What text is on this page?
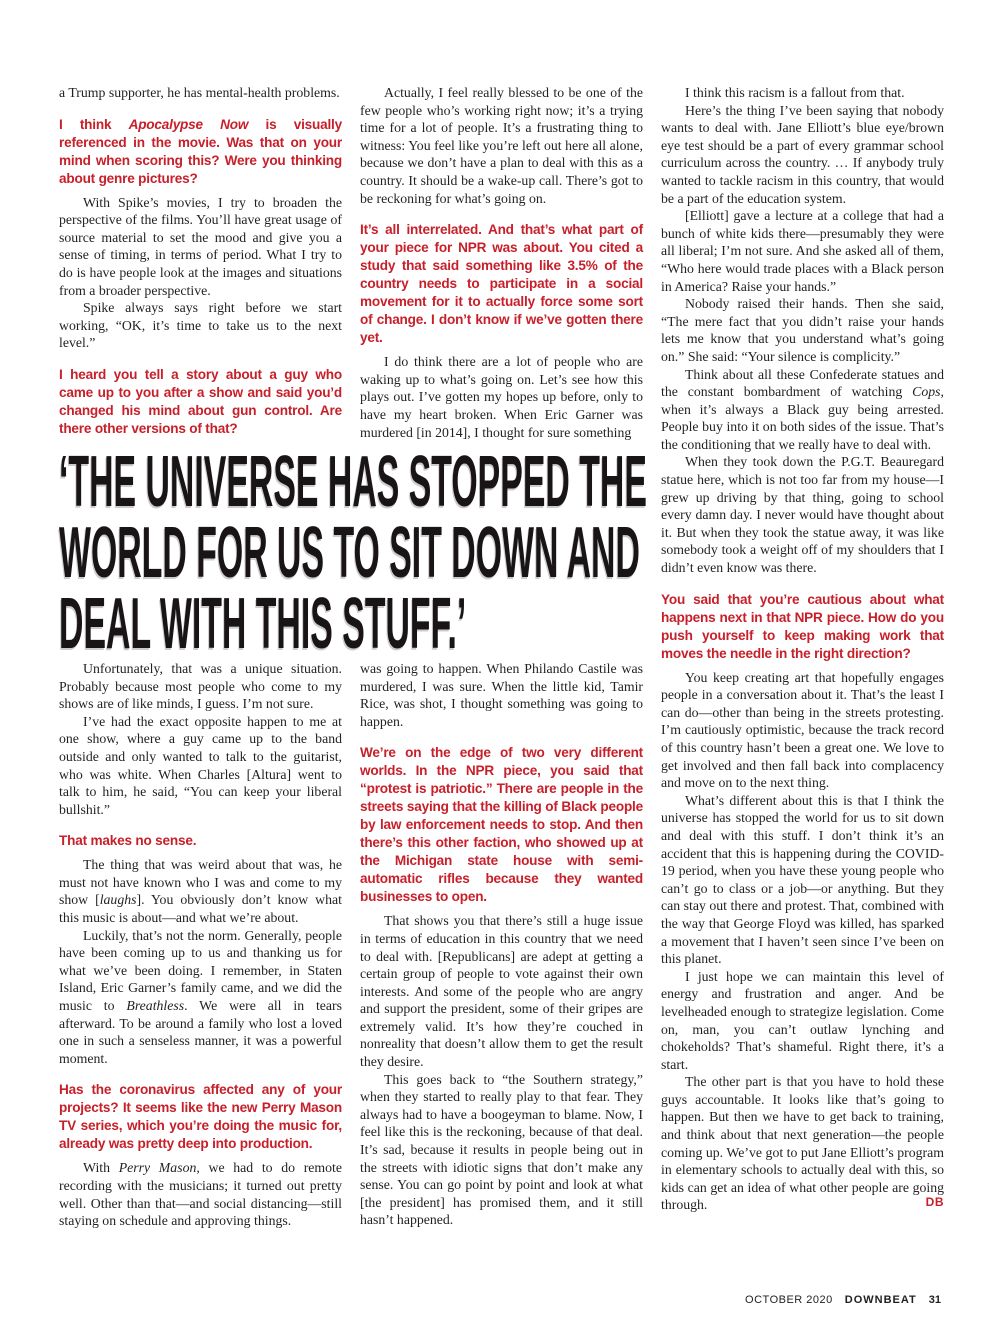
a Trump supporter, he has mental-health problems.

I think Apocalypse Now is visually referenced in the movie. Was that on your mind when scoring this? Were you thinking about genre pictures?

With Spike’s movies, I try to broaden the perspective of the films. You’ll have great usage of source material to set the mood and give you a sense of timing, in terms of period. What I try to do is have people look at the images and situations from a broader perspective.

Spike always says right before we start working, “OK, it’s time to take us to the next level.”

I heard you tell a story about a guy who came up to you after a show and said you’d changed his mind about gun control. Are there other versions of that?

Actually, I feel really blessed to be one of the few people who’s working right now; it’s a trying time for a lot of people. It’s a frustrating thing to witness: You feel like you’re left out here all alone, because we don’t have a plan to deal with this as a country. It should be a wake-up call. There’s got to be reckoning for what’s going on.

It’s all interrelated. And that’s what part of your piece for NPR was about. You cited a study that said something like 3.5% of the country needs to participate in a social movement for it to actually force some sort of change. I don’t know if we’ve gotten there yet.

I do think there are a lot of people who are waking up to what’s going on. Let’s see how this plays out. I’ve gotten my hopes up before, only to have my heart broken. When Eric Garner was murdered [in 2014], I thought for sure something

I think this racism is a fallout from that.

Here’s the thing I’ve been saying that nobody wants to deal with. Jane Elliott’s blue eye/brown eye test should be a part of every grammar school curriculum across the country. … If anybody truly wanted to tackle racism in this country, that would be a part of the education system.

[Elliott] gave a lecture at a college that had a bunch of white kids there—presumably they were all liberal; I’m not sure. And she asked all of them, “Who here would trade places with a Black person in America? Raise your hands.”

Nobody raised their hands. Then she said, “The mere fact that you didn’t raise your hands lets me know that you understand what’s going on.” She said: “Your silence is complicity.”

Think about all these Confederate statues and the constant bombardment of watching Cops, when it’s always a Black guy being arrested. People buy into it on both sides of the issue. That’s the conditioning that we really have to deal with.

When they took down the P.G.T. Beauregard statue here, which is not too far from my house—I grew up driving by that thing, going to school every damn day. I never would have thought about it. But when they took the statue away, it was like somebody took a weight off of my shoulders that I didn’t even know was there.

You said that you’re cautious about what happens next in that NPR piece. How do you push yourself to keep making work that moves the needle in the right direction?

You keep creating art that hopefully engages people in a conversation about it. That’s the least I can do—other than being in the streets protesting. I’m cautiously optimistic, because the track record of this country hasn’t been a great one. We love to get involved and then fall back into complacency and move on to the next thing.

What’s different about this is that I think the universe has stopped the world for us to sit down and deal with this stuff. I don’t think it’s an accident that this is happening during the COVID-19 period, when you have these young people who can’t go to class or a job—or anything. But they can stay out there and protest. That, combined with the way that George Floyd was killed, has sparked a movement that I haven’t seen since I’ve been on this planet.

I just hope we can maintain this level of energy and frustration and anger. And be levelheaded enough to strategize legislation. Come on, man, you can’t outlaw lynching and chokeholds? That’s shameful. Right there, it’s a start.

The other part is that you have to hold these guys accountable. It looks like that’s going to happen. But then we have to get back to training, and think about that next generation—the people coming up. We’ve got to put Jane Elliott’s program in elementary schools to actually deal with this, so kids can get an idea of what other people are going through.	DB

‘THE UNIVERSE HAS STOPPED THE
WORLD FOR US TO SIT DOWN AND
DEAL WITH THIS STUFF.’

Unfortunately, that was a unique situation. Probably because most people who come to my shows are of like minds, I guess. I’m not sure.

I’ve had the exact opposite happen to me at one show, where a guy came up to the band outside and only wanted to talk to the guitarist, who was white. When Charles [Altura] went to talk to him, he said, “You can keep your liberal bullshit.”

That makes no sense.

The thing that was weird about that was, he must not have known who I was and come to my show [laughs]. You obviously don’t know what this music is about—and what we’re about.

Luckily, that’s not the norm. Generally, people have been coming up to us and thanking us for what we’ve been doing. I remember, in Staten Island, Eric Garner’s family came, and we did the music to Breathless. We were all in tears afterward. To be around a family who lost a loved one in such a senseless manner, it was a powerful moment.

Has the coronavirus affected any of your projects? It seems like the new Perry Mason TV series, which you’re doing the music for, already was pretty deep into production.

With Perry Mason, we had to do remote recording with the musicians; it turned out pretty well. Other than that—and social distancing—still staying on schedule and approving things.

was going to happen. When Philando Castile was murdered, I was sure. When the little kid, Tamir Rice, was shot, I thought something was going to happen.

We’re on the edge of two very different worlds. In the NPR piece, you said that “protest is patriotic.” There are people in the streets saying that the killing of Black people by law enforcement needs to stop. And then there’s this other faction, who showed up at the Michigan state house with semi-automatic rifles because they wanted businesses to open.

That shows you that there’s still a huge issue in terms of education in this country that we need to deal with. [Republicans] are adept at getting a certain group of people to vote against their own interests. And some of the people who are angry and support the president, some of their gripes are extremely valid. It’s how they’re couched in nonreality that doesn’t allow them to get the result they desire.

This goes back to “the Southern strategy,” when they started to really play to that fear. They always had to have a boogeyman to blame. Now, I feel like this is the reckoning, because of that deal. It’s sad, because it results in people being out in the streets with idiotic signs that don’t make any sense. You can go point by point and look at what [the president] has promised them, and it still hasn’t happened.

OCTOBER 2020 DOWNBEAT 31
